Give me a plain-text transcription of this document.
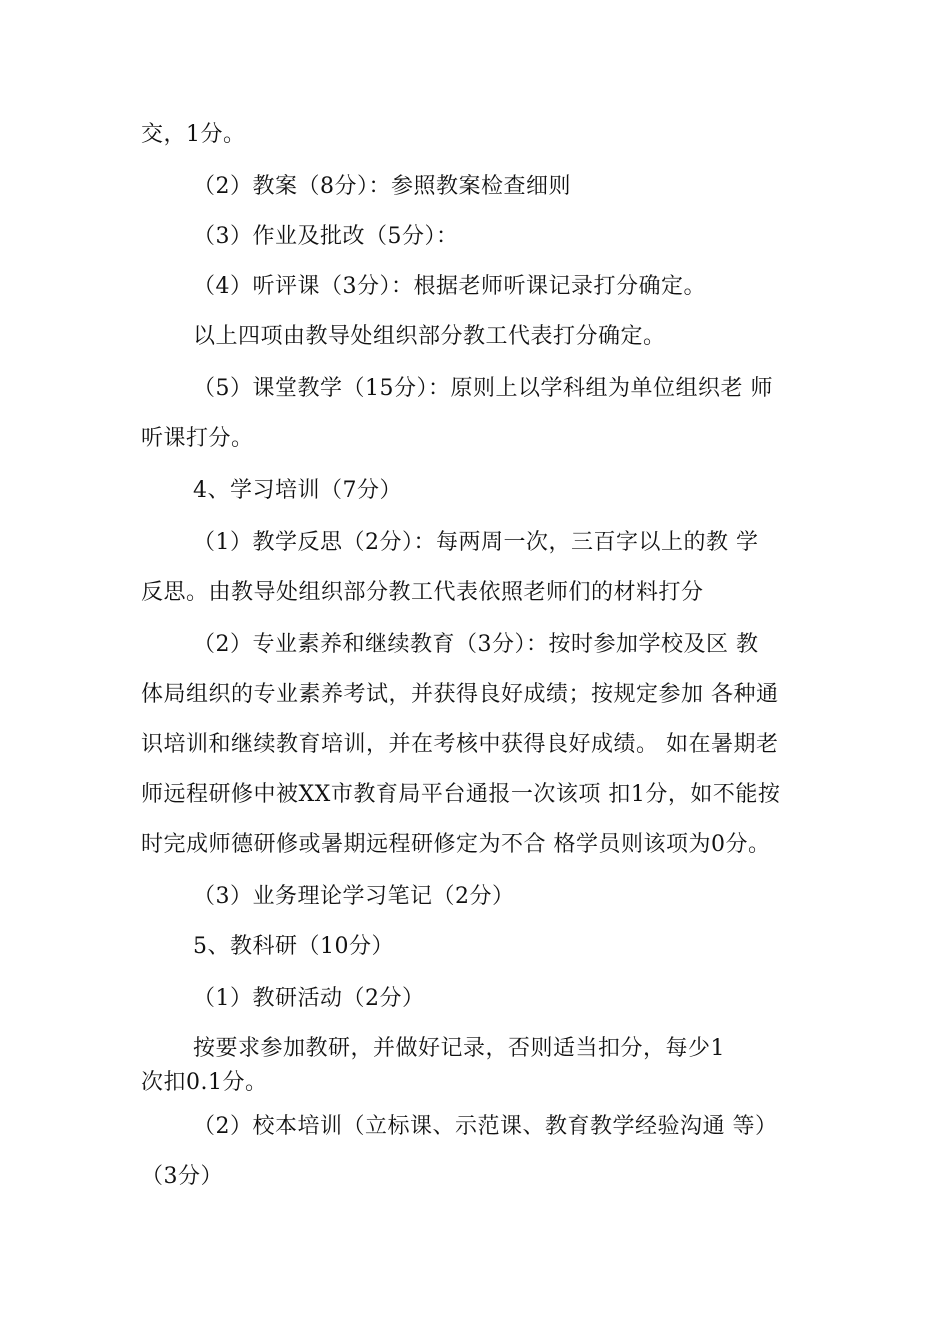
交，1分。
（2）教案（8分）：参照教案检查细则
（3）作业及批改（5分）：
（4）听评课（3分）：根据老师听课记录打分确定。
以上四项由教导处组织部分教工代表打分确定。
（5）课堂教学（15分）：原则上以学科组为单位组织老 师
听课打分。
4、学习培训（7分）
（1）教学反思（2分）：每两周一次，三百字以上的教 学
反思。由教导处组织部分教工代表依照老师们的材料打分
（2）专业素养和继续教育（3分）：按时参加学校及区 教
体局组织的专业素养考试，并获得良好成绩；按规定参加 各种通
识培训和继续教育培训，并在考核中获得良好成绩。 如在暑期老
师远程研修中被XX市教育局平台通报一次该项 扣1分，如不能按
时完成师德研修或暑期远程研修定为不合 格学员则该项为0分。
（3）业务理论学习笔记（2分）
5、教科研（10分）
（1）教研活动（2分）
按要求参加教研，并做好记录，否则适当扣分，每少1
次扣0.1分。
（2）校本培训（立标课、示范课、教育教学经验沟通 等）
（3分）
